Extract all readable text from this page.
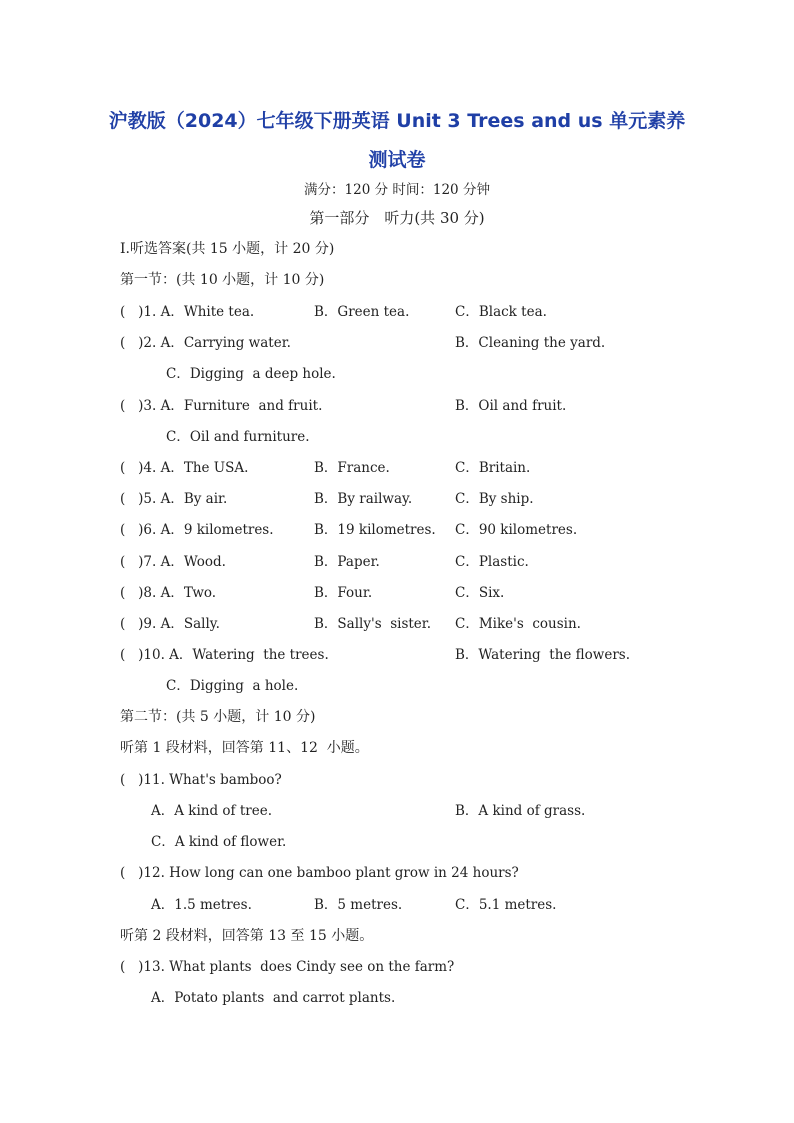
沪教版（2024）七年级下册英语 Unit 3 Trees and us 单元素养
测试卷
满分：120 分 时间：120 分钟
第一部分　听力(共 30 分)
Ⅰ.听选答案(共 15 小题，计 20 分)
第一节：(共 10 小题，计 10 分)
(   )1. A．White tea.	B．Green tea.	C．Black tea.
(   )2. A．Carrying water.	B．Cleaning the yard.
C．Digging  a deep hole.
(   )3. A．Furniture  and fruit.	B．Oil and fruit.
C．Oil and furniture.
(   )4. A．The USA.	B．France.	C．Britain.
(   )5. A．By air.	B．By railway.	C．By ship.
(   )6. A．9 kilometres.	B．19 kilometres. C．90 kilometres.
(   )7. A．Wood.	B．Paper.	C．Plastic.
(   )8. A．Two.	B．Four.	C．Six.
(   )9. A．Sally.	B．Sally's  sister. C．Mike's  cousin.
(   )10. A．Watering  the trees.	B．Watering  the flowers.
C．Digging  a hole.
第二节：(共 5 小题，计 10 分)
听第 1 段材料，回答第 11、12  小题。
(   )11. What's bamboo?
A．A kind of tree.	B．A kind of grass.
C．A kind of flower.
(   )12. How long can one bamboo plant grow in 24 hours?
A．1.5 metres.	B．5 metres.	C．5.1 metres.
听第 2 段材料，回答第 13 至 15 小题。
(   )13. What plants  does Cindy see on the farm?
A．Potato plants  and carrot plants.
